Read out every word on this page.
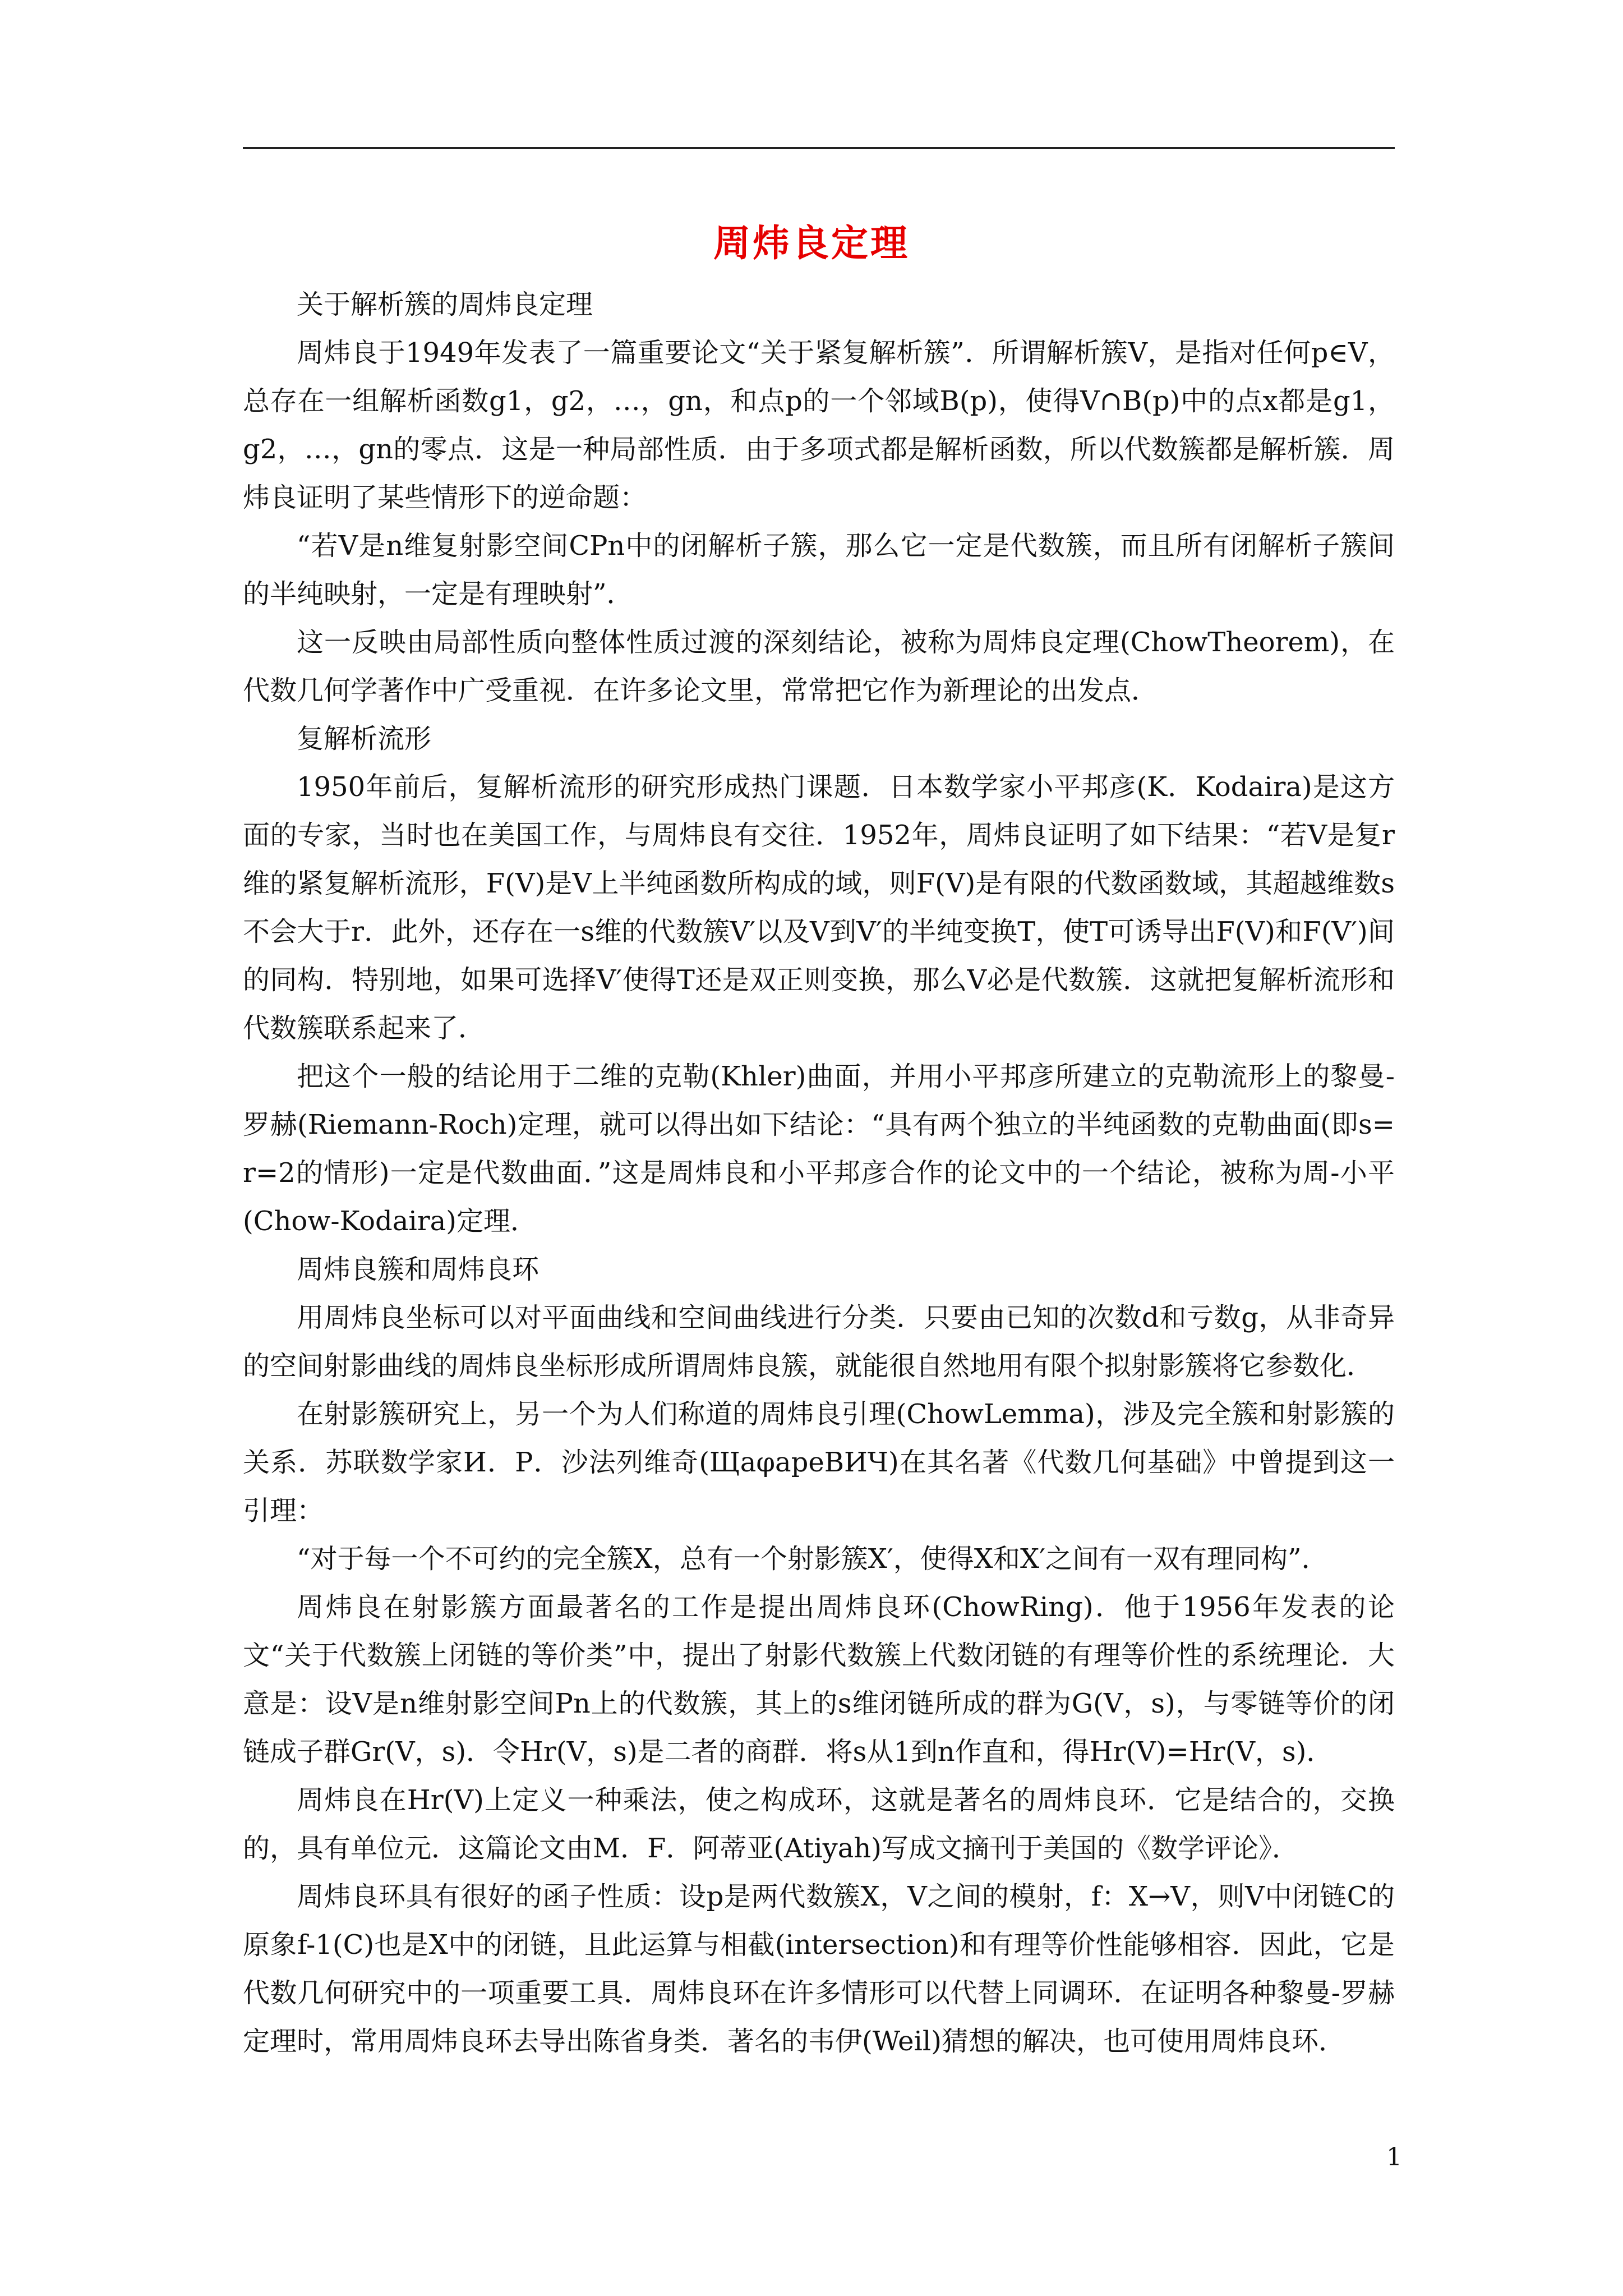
周炜良定理

关于解析簇的周炜良定理

周炜良于1949年发表了一篇重要论文“关于紧复解析簇”．所谓解析簇V，是指对任何p∈V，总存在一组解析函数g1，g2，…，gn，和点p的一个邻域B(p)，使得V∩B(p)中的点x都是g1，g2，…，gn的零点．这是一种局部性质．由于多项式都是解析函数，所以代数簇都是解析簇．周炜良证明了某些情形下的逆命题：

“若V是n维复射影空间CPn中的闭解析子簇，那么它一定是代数簇，而且所有闭解析子簇间的半纯映射，一定是有理映射”．

这一反映由局部性质向整体性质过渡的深刻结论，被称为周炜良定理(ChowTheorem)，在代数几何学著作中广受重视．在许多论文里，常常把它作为新理论的出发点．

复解析流形

1950年前后，复解析流形的研究形成热门课题．日本数学家小平邦彦(K．Kodaira)是这方面的专家，当时也在美国工作，与周炜良有交往．1952年，周炜良证明了如下结果：“若V是复r维的紧复解析流形，F(V)是V上半纯函数所构成的域，则F(V)是有限的代数函数域，其超越维数s不会大于r．此外，还存在一s维的代数簇V′以及V到V′的半纯变换T，使T可诱导出F(V)和F(V′)间的同构．特别地，如果可选择V′使得T还是双正则变换，那么V必是代数簇．这就把复解析流形和代数簇联系起来了．

把这个一般的结论用于二维的克勒(Khler)曲面，并用小平邦彦所建立的克勒流形上的黎曼-罗赫(Riemann-Roch)定理，就可以得出如下结论：“具有两个独立的半纯函数的克勒曲面(即s=r=2的情形)一定是代数曲面．”这是周炜良和小平邦彦合作的论文中的一个结论，被称为周-小平(Chow-Kodaira)定理．

周炜良簇和周炜良环

用周炜良坐标可以对平面曲线和空间曲线进行分类．只要由已知的次数d和亏数g，从非奇异的空间射影曲线的周炜良坐标形成所谓周炜良簇，就能很自然地用有限个拟射影簇将它参数化．

在射影簇研究上，另一个为人们称道的周炜良引理(ChowLemma)，涉及完全簇和射影簇的关系．苏联数学家И．Р．沙法列维奇(ЩаφареВИЧ)在其名著《代数几何基础》中曾提到这一引理：

“对于每一个不可约的完全簇X，总有一个射影簇X′，使得X和X′之间有一双有理同构”．

周炜良在射影簇方面最著名的工作是提出周炜良环(ChowRing)．他于1956年发表的论文“关于代数簇上闭链的等价类”中，提出了射影代数簇上代数闭链的有理等价性的系统理论．大意是：设V是n维射影空间Pn上的代数簇，其上的s维闭链所成的群为G(V，s)，与零链等价的闭链成子群Gr(V，s)．令Hr(V，s)是二者的商群．将s从1到n作直和，得Hr(V)=Hr(V，s)．

周炜良在Hr(V)上定义一种乘法，使之构成环，这就是著名的周炜良环．它是结合的，交换的，具有单位元．这篇论文由M．F．阿蒂亚(Atiyah)写成文摘刊于美国的《数学评论》．

周炜良环具有很好的函子性质：设p是两代数簇X，V之间的模射，f：X→V，则V中闭链C的原象f-1(C)也是X中的闭链，且此运算与相截(intersection)和有理等价性能够相容．因此，它是代数几何研究中的一项重要工具．周炜良环在许多情形可以代替上同调环．在证明各种黎曼-罗赫定理时，常用周炜良环去导出陈省身类．著名的韦伊(Weil)猜想的解决，也可使用周炜良环．

1
